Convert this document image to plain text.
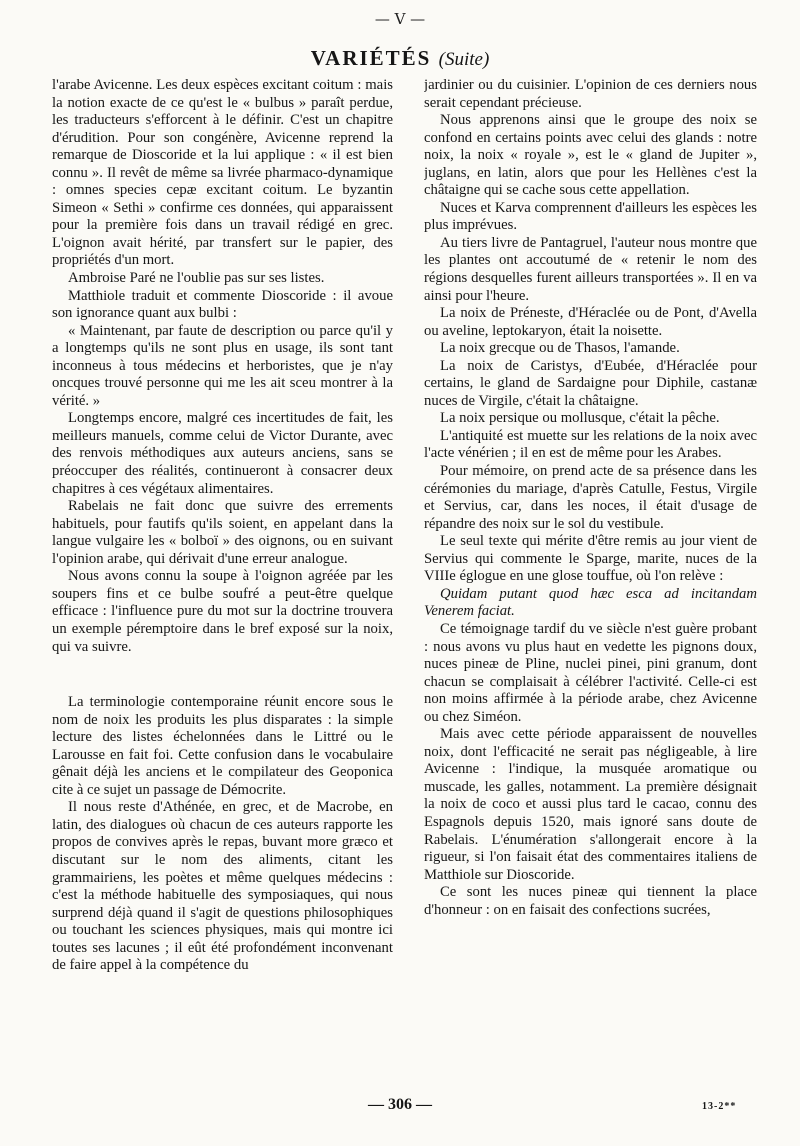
— V —
VARIÉTÉS (Suite)

l'arabe Avicenne. Les deux espèces excitant coitum : mais la notion exacte de ce qu'est le « bulbus » paraît perdue, les traducteurs s'efforcent à le définir. C'est un chapitre d'érudition. Pour son congénère, Avicenne reprend la remarque de Dioscoride et la lui applique : « il est bien connu ». Il revêt de même sa livrée pharmaco-dynamique : omnes species cepæ excitant coitum. Le byzantin Simeon « Sethi » confirme ces données, qui apparaissent pour la première fois dans un travail rédigé en grec. L'oignon avait hérité, par transfert sur le papier, des propriétés d'un mort.

Ambroise Paré ne l'oublie pas sur ses listes.

Matthiole traduit et commente Dioscoride : il avoue son ignorance quant aux bulbi :

« Maintenant, par faute de description ou parce qu'il y a longtemps qu'ils ne sont plus en usage, ils sont tant inconneus à tous médecins et herboristes, que je n'ay oncques trouvé personne qui me les ait sceu montrer à la vérité. »

Longtemps encore, malgré ces incertitudes de fait, les meilleurs manuels, comme celui de Victor Durante, avec des renvois méthodiques aux auteurs anciens, sans se préoccuper des réalités, continueront à consacrer deux chapitres à ces végétaux alimentaires.

Rabelais ne fait donc que suivre des errements habituels, pour fautifs qu'ils soient, en appelant dans la langue vulgaire les « bolboï » des oignons, ou en suivant l'opinion arabe, qui dérivait d'une erreur analogue.

Nous avons connu la soupe à l'oignon agréée par les soupers fins et ce bulbe soufré a peut-être quelque efficace : l'influence pure du mot sur la doctrine trouvera un exemple péremptoire dans le bref exposé sur la noix, qui va suivre.

La terminologie contemporaine réunit encore sous le nom de noix les produits les plus disparates : la simple lecture des listes échelonnées dans le Littré ou le Larousse en fait foi. Cette confusion dans le vocabulaire gênait déjà les anciens et le compilateur des Geoponica cite à ce sujet un passage de Démocrite.

Il nous reste d'Athénée, en grec, et de Macrobe, en latin, des dialogues où chacun de ces auteurs rapporte les propos de convives après le repas, buvant more græco et discutant sur le nom des aliments, citant les grammairiens, les poètes et même quelques médecins : c'est la méthode habituelle des symposiaques, qui nous surprend déjà quand il s'agit de questions philosophiques ou touchant les sciences physiques, mais qui montre ici toutes ses lacunes ; il eût été profondément inconvenant de faire appel à la compétence du

jardinier ou du cuisinier. L'opinion de ces derniers nous serait cependant précieuse.

Nous apprenons ainsi que le groupe des noix se confond en certains points avec celui des glands : notre noix, la noix « royale », est le « gland de Jupiter », juglans, en latin, alors que pour les Hellènes c'est la châtaigne qui se cache sous cette appellation.

Nuces et Karva comprennent d'ailleurs les espèces les plus imprévues.

Au tiers livre de Pantagruel, l'auteur nous montre que les plantes ont accoutumé de « retenir le nom des régions desquelles furent ailleurs transportées ». Il en va ainsi pour l'heure.

La noix de Préneste, d'Héraclée ou de Pont, d'Avella ou aveline, leptokaryon, était la noisette.

La noix grecque ou de Thasos, l'amande.

La noix de Caristys, d'Eubée, d'Héraclée pour certains, le gland de Sardaigne pour Diphile, castanæ nuces de Virgile, c'était la châtaigne.

La noix persique ou mollusque, c'était la pêche.

L'antiquité est muette sur les relations de la noix avec l'acte vénérien ; il en est de même pour les Arabes.

Pour mémoire, on prend acte de sa présence dans les cérémonies du mariage, d'après Catulle, Festus, Virgile et Servius, car, dans les noces, il était d'usage de répandre des noix sur le sol du vestibule.

Le seul texte qui mérite d'être remis au jour vient de Servius qui commente le Sparge, marite, nuces de la VIIIe églogue en une glose touffue, où l'on relève :

Quidam putant quod hæc esca ad incitandam Venerem faciat.

Ce témoignage tardif du ve siècle n'est guère probant : nous avons vu plus haut en vedette les pignons doux, nuces pineæ de Pline, nuclei pinei, pini granum, dont chacun se complaisait à célébrer l'activité. Celle-ci est non moins affirmée à la période arabe, chez Avicenne ou chez Siméon.

Mais avec cette période apparaissent de nouvelles noix, dont l'efficacité ne serait pas négligeable, à lire Avicenne : l'indique, la musquée aromatique ou muscade, les galles, notamment. La première désignait la noix de coco et aussi plus tard le cacao, connu des Espagnols depuis 1520, mais ignoré sans doute de Rabelais. L'énumération s'allongerait encore à la rigueur, si l'on faisait état des commentaires italiens de Matthiole sur Dioscoride.

Ce sont les nuces pineæ qui tiennent la place d'honneur : on en faisait des confections sucrées,

— 306 —	13-2**
